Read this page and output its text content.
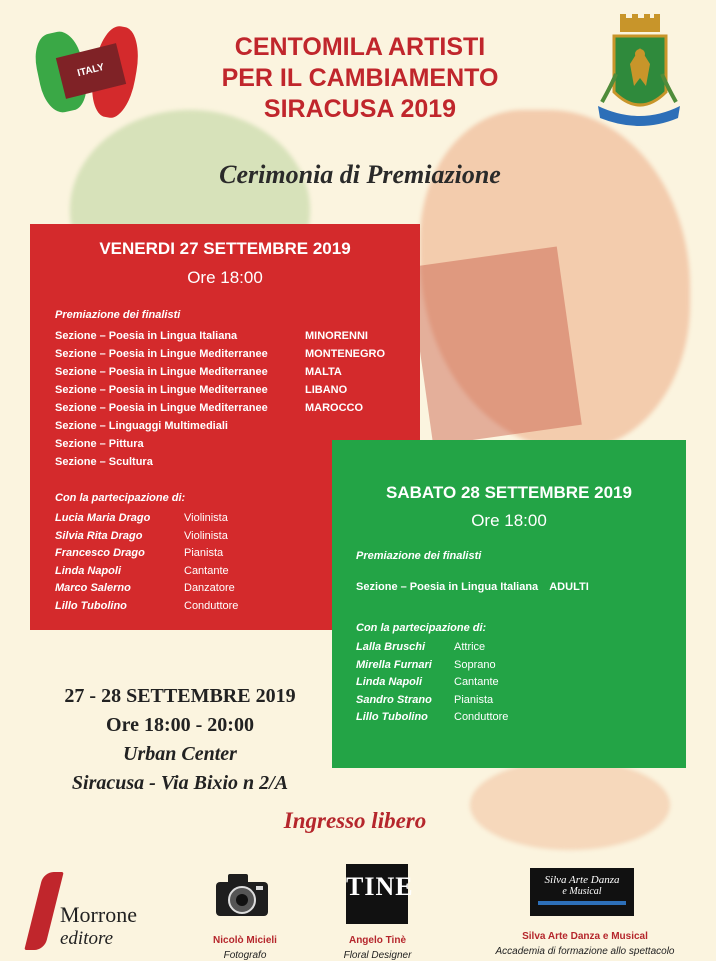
ITALY
CENTOMILA ARTISTI
PER IL CAMBIAMENTO
SIRACUSA 2019
Cerimonia di Premiazione
VENERDI 27 SETTEMBRE 2019
Ore 18:00
Premiazione dei finalisti
Sezione – Poesia in Lingua Italiana	MINORENNI
Sezione – Poesia in Lingue Mediterranee	MONTENEGRO
Sezione – Poesia in Lingue Mediterranee	MALTA
Sezione – Poesia in Lingue Mediterranee	LIBANO
Sezione – Poesia in Lingue Mediterranee	MAROCCO
Sezione – Linguaggi Multimediali
Sezione – Pittura
Sezione – Scultura
Con la partecipazione di:
Lucia Maria Drago	Violinista
Silvia Rita Drago	Violinista
Francesco Drago	Pianista
Linda Napoli	Cantante
Marco Salerno	Danzatore
Lillo Tubolino	Conduttore
SABATO 28 SETTEMBRE 2019
Ore 18:00
Premiazione dei finalisti
Sezione – Poesia in Lingua Italiana ADULTI
Con la partecipazione di:
Lalla Bruschi	Attrice
Mirella Furnari Soprano
Linda Napoli	Cantante
Sandro Strano Pianista
Lillo Tubolino Conduttore
27 - 28 SETTEMBRE 2019
Ore 18:00 - 20:00
Urban Center
Siracusa - Via Bixio n 2/A
Ingresso libero
Morrone
editore	Nicolò Micieli
Fotografo
TINE
Angelo Tinè
Floral Designer
Silva Arte Danza
e Musical
Silva Arte Danza e Musical
Accademia di formazione allo spettacolo
